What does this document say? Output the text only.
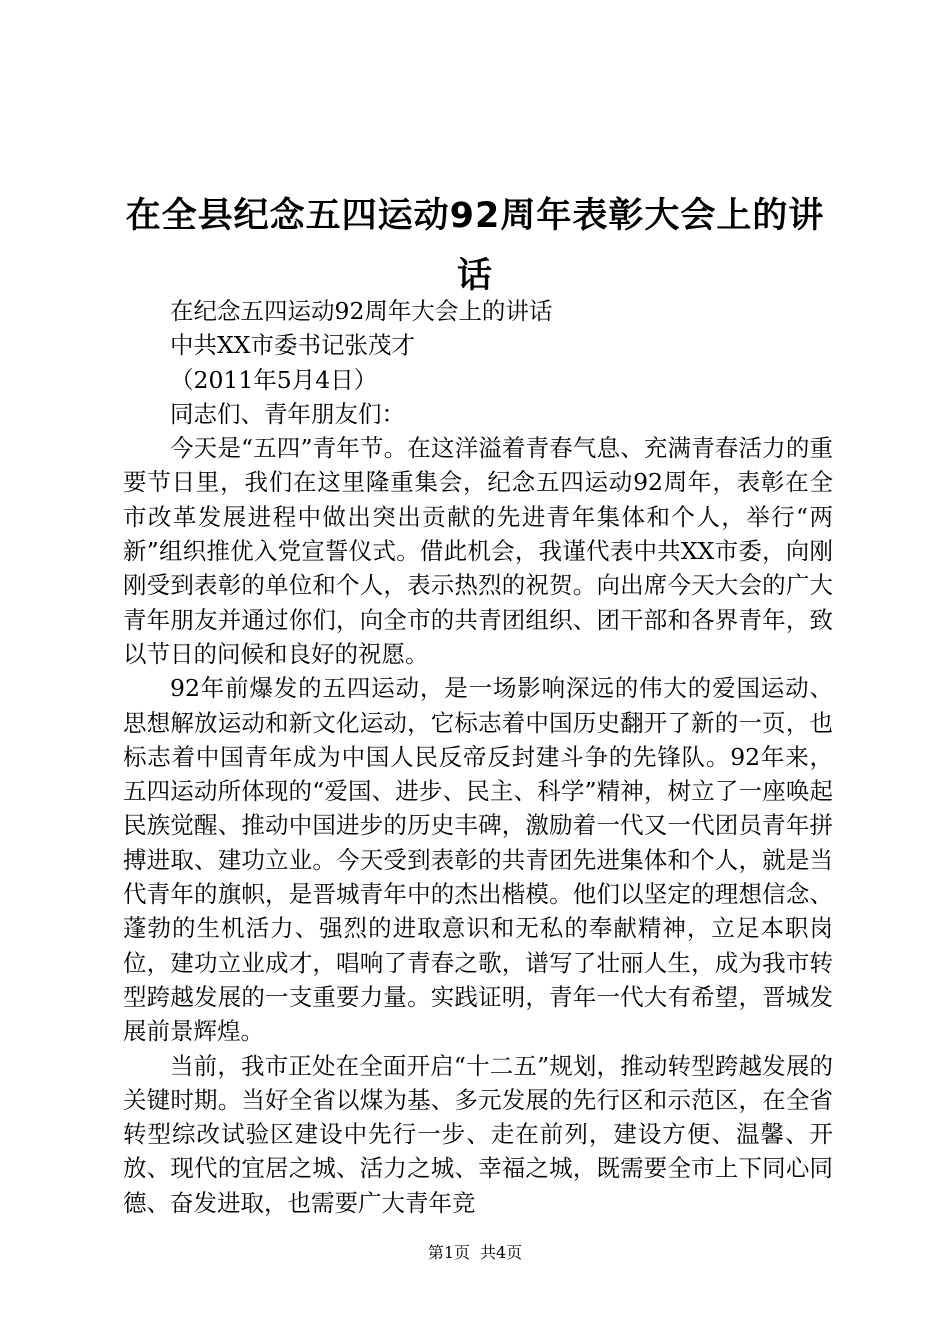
在全县纪念五四运动92周年表彰大会上的讲话

在纪念五四运动92周年大会上的讲话

中共XX市委书记张茂才

（2011年5月4日）

同志们、青年朋友们：

今天是“五四”青年节。在这洋溢着青春气息、充满青春活力的重要节日里，我们在这里隆重集会，纪念五四运动92周年，表彰在全市改革发展进程中做出突出贡献的先进青年集体和个人，举行“两新”组织推优入党宣誓仪式。借此机会，我谨代表中共XX市委，向刚刚受到表彰的单位和个人，表示热烈的祝贺。向出席今天大会的广大青年朋友并通过你们，向全市的共青团组织、团干部和各界青年，致以节日的问候和良好的祝愿。

92年前爆发的五四运动，是一场影响深远的伟大的爱国运动、思想解放运动和新文化运动，它标志着中国历史翻开了新的一页，也标志着中国青年成为中国人民反帝反封建斗争的先锋队。92年来，五四运动所体现的“爱国、进步、民主、科学”精神，树立了一座唤起民族觉醒、推动中国进步的历史丰碑，激励着一代又一代团员青年拼搏进取、建功立业。今天受到表彰的共青团先进集体和个人，就是当代青年的旗帜，是晋城青年中的杰出楷模。他们以坚定的理想信念、蓬勃的生机活力、强烈的进取意识和无私的奉献精神，立足本职岗位，建功立业成才，唱响了青春之歌，谱写了壮丽人生，成为我市转型跨越发展的一支重要力量。实践证明，青年一代大有希望，晋城发展前景辉煌。

当前，我市正处在全面开启“十二五”规划，推动转型跨越发展的关键时期。当好全省以煤为基、多元发展的先行区和示范区，在全省转型综改试验区建设中先行一步、走在前列，建设方便、温馨、开放、现代的宜居之城、活力之城、幸福之城，既需要全市上下同心同德、奋发进取，也需要广大青年竞

第1页 共4页
